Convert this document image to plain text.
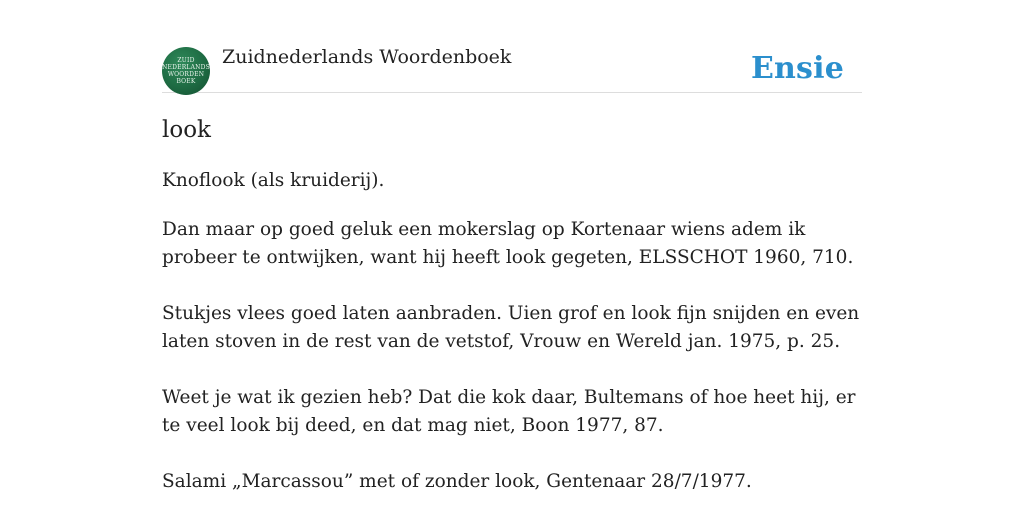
ZUID
NEDERLANDS
WOORDEN
BOEK
Zuidnederlands Woordenboek	Ensie
look
Knoflook (als kruiderij).

Dan maar op goed geluk een mokerslag op Kortenaar wiens adem ik probeer te ontwijken, want hij heeft look gegeten, ELSSCHOT 1960, 710.

Stukjes vlees goed laten aanbraden. Uien grof en look fijn snijden en even laten stoven in de rest van de vetstof, Vrouw en Wereld jan. 1975, p. 25.

Weet je wat ik gezien heb? Dat die kok daar, Bultemans of hoe heet hij, er te veel look bij deed, en dat mag niet, Boon 1977, 87.

Salami „Marcassou” met of zonder look, Gentenaar 28/7/1977.
